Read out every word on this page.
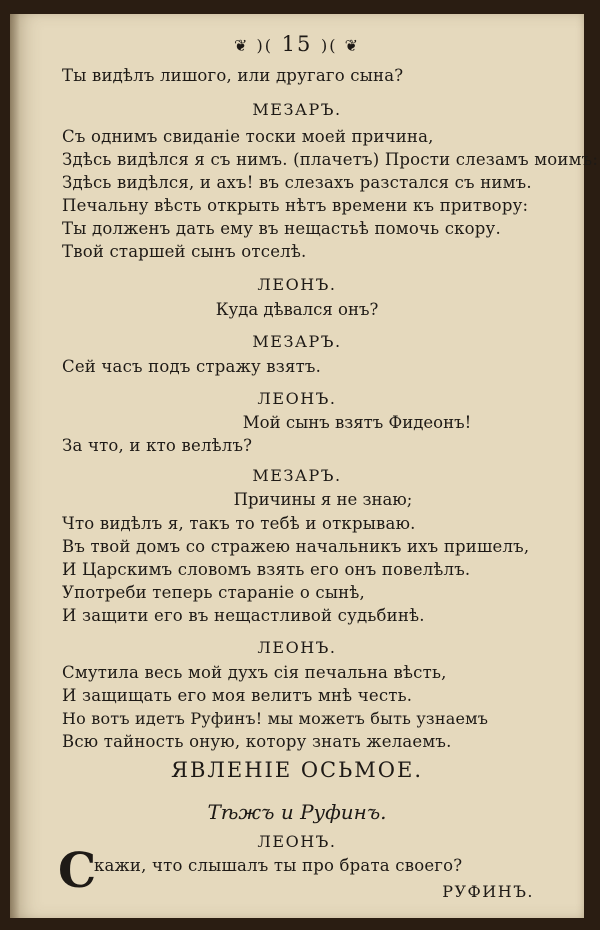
❦ )( 15 )( ❦
Ты видѣлъ лишого, или другаго сына?
МЕЗАРЪ.
Съ однимъ свиданіе тоски моей причина,
Здѣсь видѣлся я съ нимъ. (плачетъ) Прости слезамъ моимъ:
Здѣсь видѣлся, и ахъ! въ слезахъ разстался съ нимъ.
Печальну вѣсть открыть нѣтъ времени къ притвору:
Ты долженъ дать ему въ нещастьѣ помочь скору.
Твой старшей сынъ отселѣ.
ЛЕОНЪ.
Куда дѣвался онъ?
МЕЗАРЪ.
Сей часъ подъ стражу взятъ.
ЛЕОНЪ.
Мой сынъ взятъ Фидеонъ!
За что, и кто велѣлъ?
МЕЗАРЪ.
Причины я не знаю;
Что видѣлъ я, такъ то тебѣ и открываю.
Въ твой домъ со стражею начальникъ ихъ пришелъ,
И Царскимъ словомъ взять его онъ повелѣлъ.
Употреби теперь стараніе о сынѣ,
И защити его въ нещастливой судьбинѣ.
ЛЕОНЪ.
Смутила весь мой духъ сія печальна вѣсть,
И защищать его моя велитъ мнѣ честь.
Но вотъ идетъ Руфинъ! мы можетъ быть узнаемъ
Всю тайность оную, котору знать желаемъ.
ЯВЛЕНІЕ ОСЬМОЕ.
Тѣжъ и Руфинъ.
ЛЕОНЪ.
С
кажи, что слышалъ ты про брата своего?
РУФИНЪ.
